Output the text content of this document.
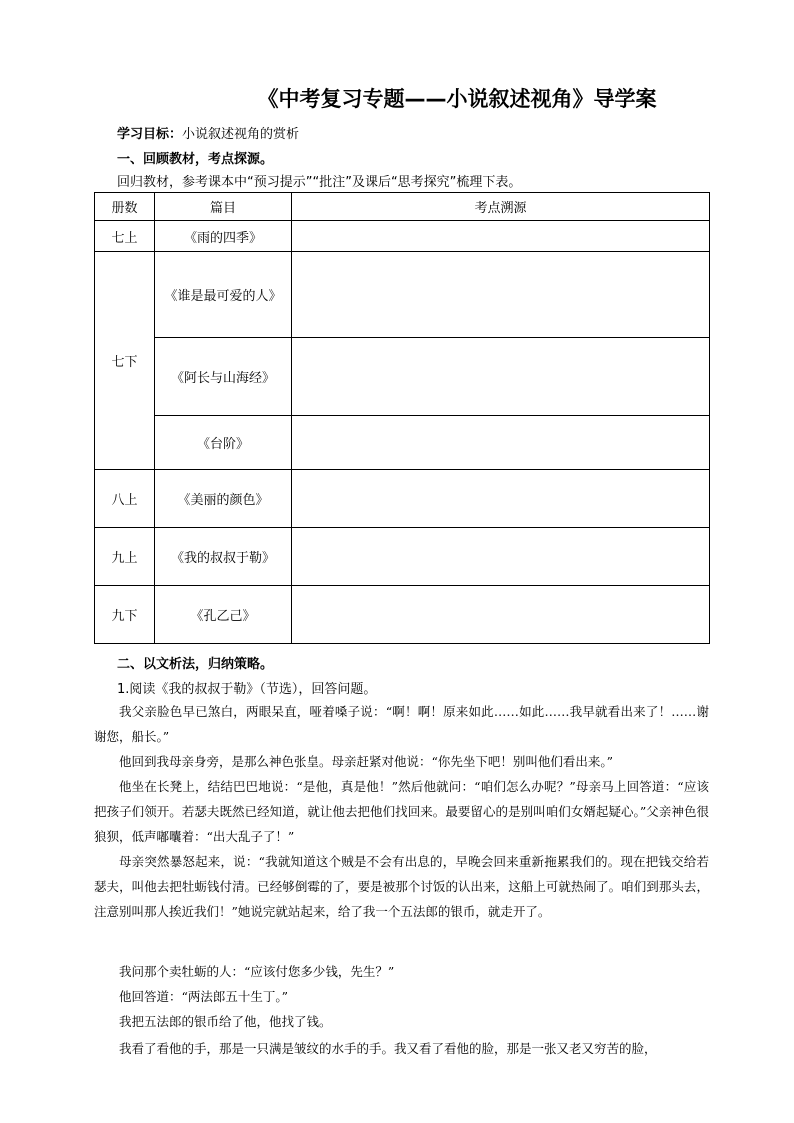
《中考复习专题——小说叙述视角》导学案
学习目标：小说叙述视角的赏析
一、回顾教材，考点探源。
回归教材，参考课本中“预习提示”“批注”及课后“思考探究”梳理下表。
册数	篇目	考点溯源
七上	《雨的四季》	
七下	《谁是最可爱的人》	
	《阿长与山海经》	
	《台阶》	
八上	《美丽的颜色》	
九上	《我的叔叔于勒》	
九下	《孔乙己》	
二、以文析法，归纳策略。
1.阅读《我的叔叔于勒》（节选），回答问题。

我父亲脸色早已煞白，两眼呆直，哑着嗓子说：“啊！啊！原来如此……如此……我早就看出来了！……谢谢您，船长。”

他回到我母亲身旁，是那么神色张皇。母亲赶紧对他说：“你先坐下吧！别叫他们看出来。”

他坐在长凳上，结结巴巴地说：“是他，真是他！”然后他就问：“咱们怎么办呢？”母亲马上回答道：“应该把孩子们领开。若瑟夫既然已经知道，就让他去把他们找回来。最要留心的是别叫咱们女婿起疑心。”父亲神色很狼狈，低声嘟囔着：“出大乱子了！”

母亲突然暴怒起来，说：“我就知道这个贼是不会有出息的，早晚会回来重新拖累我们的。现在把钱交给若瑟夫，叫他去把牡蛎钱付清。已经够倒霉的了，要是被那个讨饭的认出来，这船上可就热闹了。咱们到那头去，注意别叫那人挨近我们！”她说完就站起来，给了我一个五法郎的银币，就走开了。

我问那个卖牡蛎的人：“应该付您多少钱，先生？”

他回答道：“两法郎五十生丁。”

我把五法郎的银币给了他，他找了钱。

我看了看他的手，那是一只满是皱纹的水手的手。我又看了看他的脸，那是一张又老又穷苦的脸，
